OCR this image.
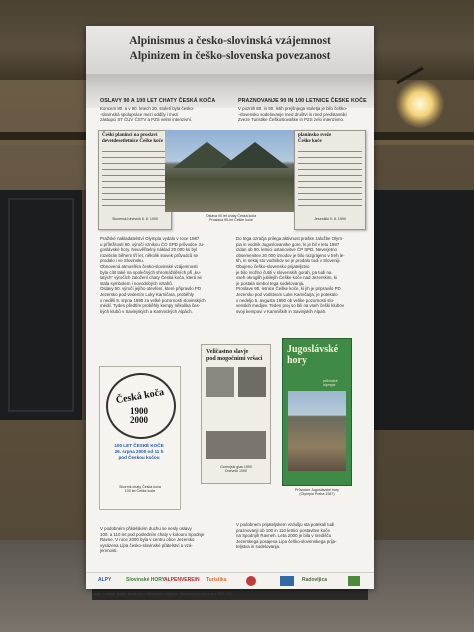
Alpinismus a česko-slovinská vzájemnost
Alpinizem in češko-slovenska povezanost
OSLAVY 90 A 100 LET CHATY ČESKÁ KOČA	PRAZNOVANJE 90 IN 100 LETNICE ČESKE KOČE
Koncem 80. a v 90. letech 20. století byla česko-
-slovinská spolupráce mezi oddíly i mezi
zástupci ST ČÚV ČSTV a PZS velmi intenzivní.
V poznih 80. in 90. letih prejšnjega stoletja je bilo češko-
-slovensko sodelovanje med društvi in med predstavniki
Zveze Turistike Češkoslovaške in PZS zelo intenzivno.
Češki planinci na proslavi
devetdesetletnice Češke koče
Slovenski dnevnik 6. 8. 1990
Oslava 90 let chaty Česká koča
Proslava 90-let Češke koče
planinsko sveže
Češke koče
Jeseniški 9. 8. 1990
Pražské nakladatelství Olympia vydalo v roce 1987
u příležitosti 90. výročí vznikou ČO SPD průvodce Ju-
goslávské hory. Neuvěřitelný náklad 20 000 ks byl
rozebrán během tří let, několik stovek průvodců se
prodalo i ve Slovinsku.
Obnovená atmosféra česko-slovinské vzájemnosti
byla cítit také na společných shromážděních při „ku-
latých“ výročích založení chaty Česká koča, která se
stala symbolem i novodobých vztahů.
Oslavy 90. výročí jejího otevření, které připravilo PD
Jezersko pod vedením Luky Karničara, proběhly
v neděli 5. srpna 1990 za velké pozornosti slovinských
médií. Tyden předtím proběhly kempy několika čes-
kých klubů v Savinjských a Kamnických Alpách.
Do tega ozračja prilega aktivnost praške založbe Olym-
pia in vodnik Jugoslovanske gore, ki je bil v letu 1987
izdan ob 90. letnici ustanovitve ČP SPD. Neverjetno
obsemenitev 20 000 izvodov je bilo razgrajeno v treh le-
tih, in nekaj sto vodnikov se je prodalo tudi v Sloveniji.
Obujeno češko-slovensko prijateljstvo
je bilo možno čutiti v slovenskih gorah, pa tudi na
vseh okroglih jubilejih Češke koče nad Jezerskim, ki
je postala simbol tega sodelovanja.
Proslave 90. letnice Češke koče, ki jih je pripravilo PD
Jezersko pod vodstvom Luke Karničarja, je potekalo
v nedeljo 5. avgusta 1990 ob velike pozornosti slo-
venskih medijev. Teden prej so bili na vseh češki klubov
svoji kempovi v Kamniških in Savinjskih Alpah.
Česká koča
1900
2000
100 LET ČESKÉ KOČE
26. srpna 2000 od 11 h
pod Českou kočou
Sborník chaty Česká koča
100 let Češke koče
Veličastno slavje
pod mogočnimi vršaci
Gorenjski glas 1990
Dnevnik 1990
Jugoslávské
hory
průvodce
olympia
Průvodce Jugoslávské hory
(Olympia Praha 1987)
V podobném přátelském duchu se nesly oslavy
100. a 110 let pod posledním chaty v kolouru Spodnje
Ravne. V roce 2000 byla v centru obce Jezersko
vysázena Lípa česko-slovinské přátelství a vzá-
jemnosti.
V podobnem prijateljskem vzdušju sta potekali tudi
praznovanji ob 100 in 110 letnici postavitve koče
na Spodnjih Ravneh. Leta 2000 je bila v središču
Jezerskega posajena Lipa češko-slovenskega prija-
teljstva in sodelovanja.
ALPY	Slovinské HORY ALPENVEREIN Turistika	Radovljica
Autor: Ladislav Jirásek, spolupráce s Miroslavem Ceplíkem. Všechna práva vyhrazena. PSS 2019
